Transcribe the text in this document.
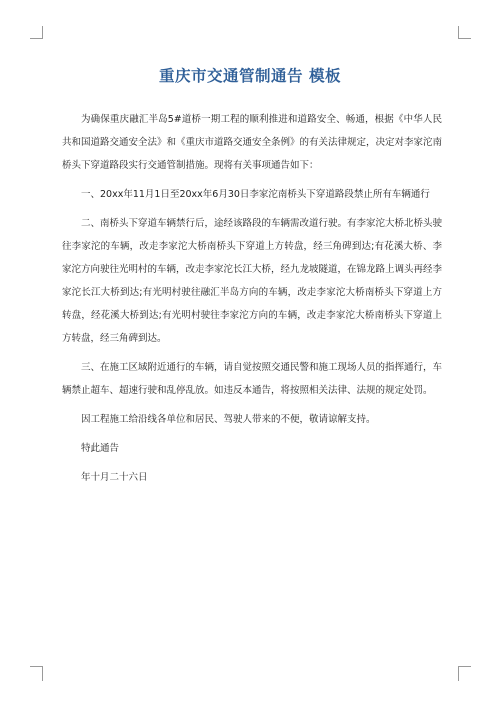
重庆市交通管制通告 模板

为确保重庆融汇半岛5#道桥一期工程的顺利推进和道路安全、畅通，根据《中华人民共和国道路交通安全法》和《重庆市道路交通安全条例》的有关法律规定，决定对李家沱南桥头下穿道路段实行交通管制措施。现将有关事项通告如下：

一、20xx年11月1日至20xx年6月30日李家沱南桥头下穿道路段禁止所有车辆通行

二、南桥头下穿道车辆禁行后，途经该路段的车辆需改道行驶。有李家沱大桥北桥头驶往李家沱的车辆，改走李家沱大桥南桥头下穿道上方转盘，经三角碑到达;有花溪大桥、李家沱方向驶往光明村的车辆，改走李家沱长江大桥，经九龙坡隧道，在锦龙路上调头再经李家沱长江大桥到达;有光明村驶往融汇半岛方向的车辆，改走李家沱大桥南桥头下穿道上方转盘，经花溪大桥到达;有光明村驶往李家沱方向的车辆，改走李家沱大桥南桥头下穿道上方转盘，经三角碑到达。

三、在施工区域附近通行的车辆，请自觉按照交通民警和施工现场人员的指挥通行，车辆禁止超车、超速行驶和乱停乱放。如违反本通告，将按照相关法律、法规的规定处罚。

因工程施工给沿线各单位和居民、驾驶人带来的不便，敬请谅解支持。

特此通告

年十月二十六日
